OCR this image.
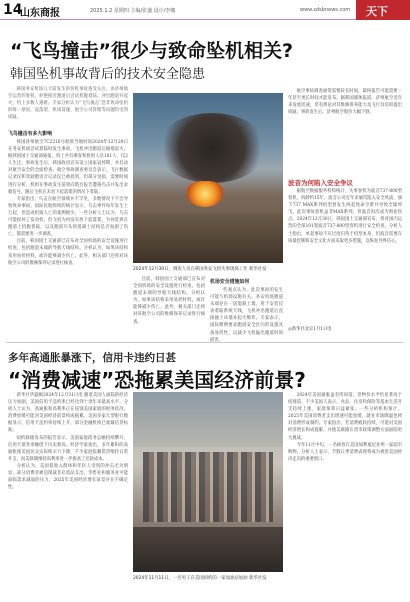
14
山东商报	2025.1.2 星期四 主编/张盛 设计/李娜	www.sdsbnews.com	天下
“飞鸟撞击”很少与致命坠机相关?
韩国坠机事故背后的技术安全隐患

韩国务安机场几天前发生的客机事故备受关注。由济州航空运营的客机，拒绝接近跑道后尝试机腹着陆，冲出跑道并起火，机上多数人遇难。专家分析认为“飞鸟撞击”恐非致命坠机的唯一原因，起落架、机场设施、航空公司管理等问题均受到质疑。

飞鸟撞击有多大影响

韩国济州航空7C2216号航班当地时间2024年12月29日在务安机场尝试着陆时发生事故，飞机冲出跑道后撞墙起火。据韩国国土交通部通报，机上共有乘客和机组人员181人，仅2人生还。事故发生后，韩国政府宣布设立国家哀悼期，并启动对航空安全的全面检查。航空事故调查委员会表示，飞行数据记录仪和驾驶舱语音记录仪已被找到，但部分受损，需要时间进行分析。机组在事故发生前曾向塔台报告遭遇鸟击并发出求救信号，随后飞机在未放下起落架的情况下着陆。

专家指出，鸟击在航空领域并不罕见，多数情况下不会导致致命事故。国际民航组织的统计显示，鸟击事件每年发生上万起，但造成机毁人亡的案例极少。一些分析人士认为，鸟击可能损坏了发动机，但飞机为何没有放下起落架、为何选择在跑道上机腹着陆，以及跑道尽头的混凝土结构是否加剧了伤亡，都需要进一步调查。

目前，韩国国土交通部已宣布对全国机场的安全设施进行检查，包括跑道末端的导航天线结构。分析认为，如果该结构采用易折材料，或许能够减少伤亡。此外，相关部门还将对该航空公司的维修保养记录进行核查。

2024年12月30日，调查人员在韩国务安飞机失事现场工作 新华社发

目前，韩国国土交通部已宣布对全国机场的安全设施进行检查，包括跑道末端的导航天线结构。分析认为，如果该结构采用易折材料，或许能够减少伤亡。此外，相关部门还将对该航空公司的维修保养记录进行核查。

机场安全措施如何

一些观点认为，此次事故的发生可能与机场设施有关。务安机场跑道末端存在一道混凝土墙，用于安装仪表着陆系统天线，飞机冲出跑道后直接撞上该墙并起火爆炸。专家表示，国际惯例要求跑道安全区内的设施具备易折性，以减少飞机偏出跑道时的损害。

航空事故调查通常需要较长时间，最终报告可能需要一年甚至更长时间才能发布。据韩国媒体报道，济州航空近年来发展迅速，但有舆论对其维修保养能力及飞行员培训提出质疑。事故发生后，济州航空股价大幅下跌。

波音为何陷入安全争议

据航空数据服务机构统计，失事客机为波音737-800型客机，机龄约15年。波音公司近年来屡次陷入安全风波，旗下737 MAX系列机型曾发生两起致命空难并导致全球停飞。此次事故客机虽非MAX系列，但波音再次成为舆论焦点。2024年12月30日，韩国国土交通部宣布，将对国内运营的全部101架波音737-800型客机进行安全检查。分析人士指出，单起事故不应过度归咎于机型本身，但波音需要在质量控制和安全文化方面采取更多措施，以恢复外界信心。

◎新华社北京1月1日电
多年高通胀暴涨下，信用卡违约日甚
“消费减速”恐拖累美国经济前景?

新华社华盛顿2024年12月31日电 随着美国人面临的经济压力加剧，美国信用卡违约率已经达到十余年来最高水平。分析人士认为，高通胀和高利率正在侵蚀美国家庭的财务状况，消费放缓可能对美国经济前景构成拖累。美国多家大型银行数据显示，信用卡违约率持续上升，部分金融机构已收紧信贷标准。

纽约联储发布的报告显示，美国家庭债务总额持续攀升，信用卡债务余额创下历史新高。经济学家指出，多年累积的高通胀使美国民众实际购买力下降，不少家庭依赖借贷维持日常开支，而美联储维持高利率进一步推高了还款成本。

分析认为，美国低收入群体和年轻人受到的冲击尤为明显，部分消费者被迫削减非必需品支出。零售业和服务业可能面临需求减弱的压力，2025年美国经济增长前景存在不确定性。

2024年11月11日，一名男子在美国纽约的一家加油站加油 新华社发

2024年美国通胀虽有所回落，但物价水平仍显著高于疫情前。不少美国人表示，食品、住房和保险等基本生活开支持续上涨，家庭预算日益紧张。一些分析机构预计，2025年美国消费者支出增速可能放缓，就业市场降温也将对消费形成制约。专家指出，若消费疲软持续，可能对美国经济增长构成拖累，并使美联储在货币政策调整方面面临更大挑战。

今年11月中旬，一名顾客在美国加利福尼亚州一家超市购物。分析人士表示，节假日季消费表现将成为观察美国经济走向的重要窗口。
